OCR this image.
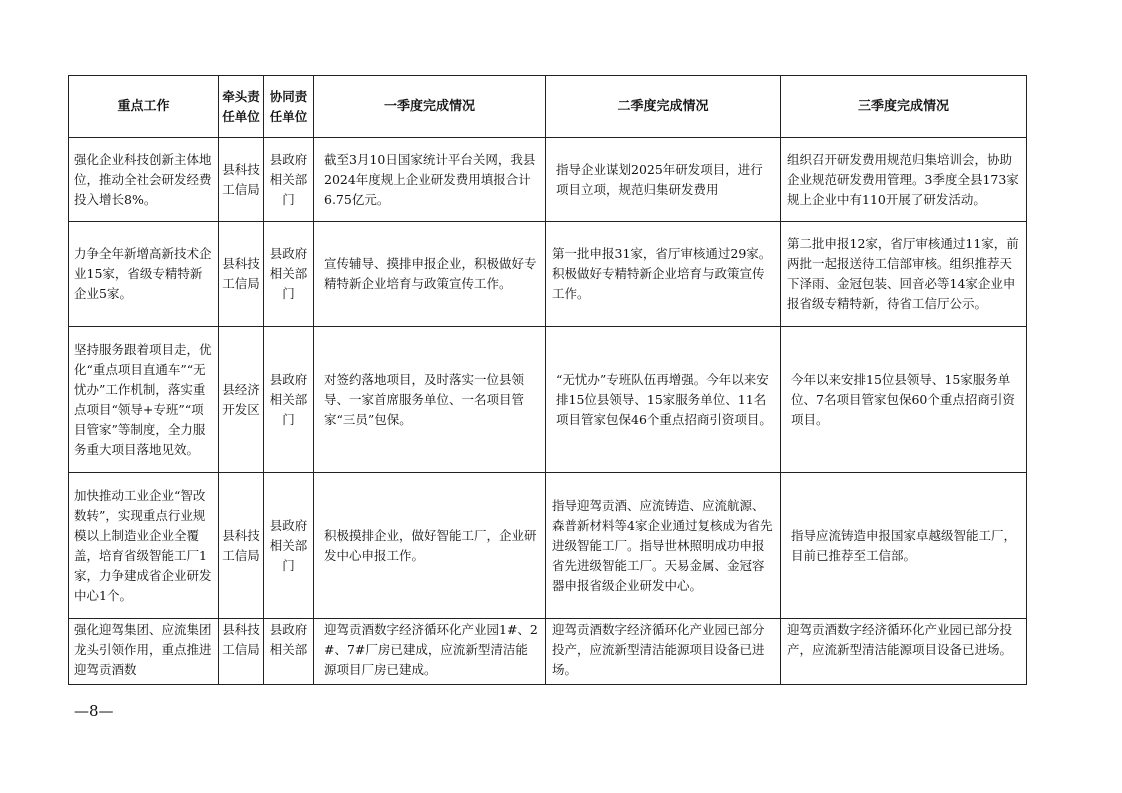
重点工作	牵头责任单位	协同责任单位	一季度完成情况	二季度完成情况	三季度完成情况
强化企业科技创新主体地位，推动全社会研发经费投入增长8%。	县科技工信局	县政府相关部门	截至3月10日国家统计平台关网，我县2024年度规上企业研发费用填报合计6.75亿元。	指导企业谋划2025年研发项目，进行项目立项，规范归集研发费用	组织召开研发费用规范归集培训会，协助企业规范研发费用管理。3季度全县173家规上企业中有110开展了研发活动。
力争全年新增高新技术企业15家，省级专精特新企业5家。	县科技工信局	县政府相关部门	宣传辅导、摸排申报企业，积极做好专精特新企业培育与政策宣传工作。	第一批申报31家，省厅审核通过29家。积极做好专精特新企业培育与政策宣传工作。	第二批申报12家，省厅审核通过11家，前两批一起报送待工信部审核。组织推荐天下泽雨、金冠包装、回音必等14家企业申报省级专精特新，待省工信厅公示。
坚持服务跟着项目走，优化“重点项目直通车”“无忧办”工作机制，落实重点项目“领导+专班”“项目管家”等制度，全力服务重大项目落地见效。	县经济开发区	县政府相关部门	对签约落地项目，及时落实一位县领导、一家首席服务单位、一名项目管家“三员”包保。	“无忧办”专班队伍再增强。今年以来安排15位县领导、15家服务单位、11名项目管家包保46个重点招商引资项目。	今年以来安排15位县领导、15家服务单位、7名项目管家包保60个重点招商引资项目。
加快推动工业企业“智改数转”，实现重点行业规模以上制造业企业全覆盖，培育省级智能工厂1家，力争建成省企业研发中心1个。	县科技工信局	县政府相关部门	积极摸排企业，做好智能工厂，企业研发中心申报工作。	指导迎驾贡酒、应流铸造、应流航源、森普新材料等4家企业通过复核成为省先进级智能工厂。指导世林照明成功申报省先进级智能工厂。天易金属、金冠容器申报省级企业研发中心。	指导应流铸造申报国家卓越级智能工厂，目前已推荐至工信部。
强化迎驾集团、应流集团龙头引领作用，重点推进迎驾贡酒数	县科技工信局	县政府相关部	迎驾贡酒数字经济循环化产业园1#、2#、7#厂房已建成，应流新型清洁能源项目厂房已建成。	迎驾贡酒数字经济循环化产业园已部分投产，应流新型清洁能源项目设备已进场。	迎驾贡酒数字经济循环化产业园已部分投产，应流新型清洁能源项目设备已进场。
—8—
